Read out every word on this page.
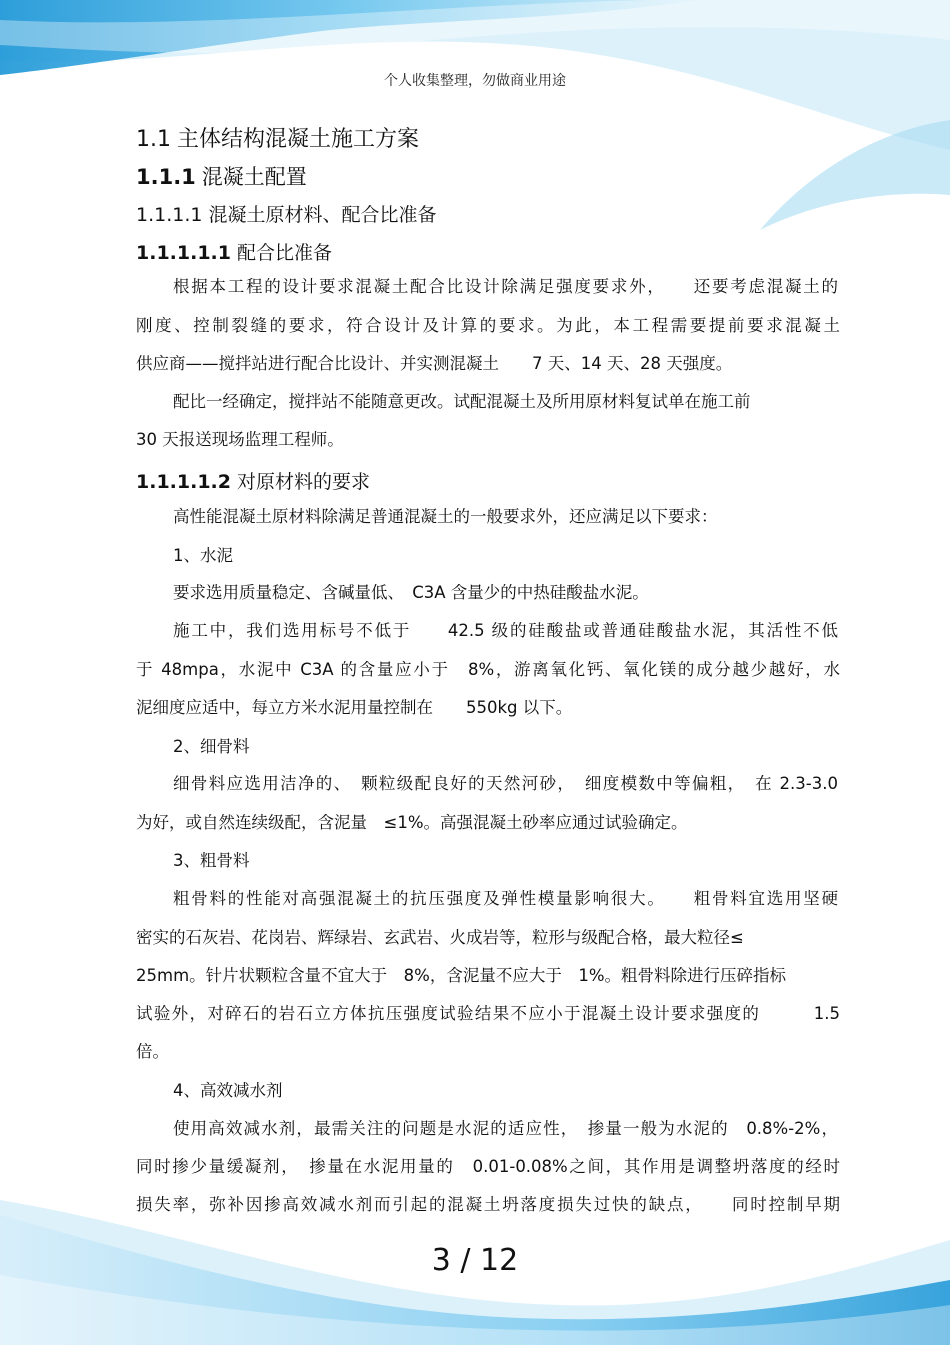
个人收集整理，勿做商业用途
1.1 主体结构混凝土施工方案
1.1.1 混凝土配置
1.1.1.1 混凝土原材料、配合比准备
1.1.1.1.1 配合比准备
根据本工程的设计要求混凝土配合比设计除满足强度要求外，　　还要考虑混凝土的
刚度、控制裂缝的要求，符合设计及计算的要求。为此，本工程需要提前要求混凝土
供应商——搅拌站进行配合比设计、并实测混凝土　　7 天、14 天、28 天强度。
配比一经确定，搅拌站不能随意更改。试配混凝土及所用原材料复试单在施工前
30 天报送现场监理工程师。
1.1.1.1.2 对原材料的要求
高性能混凝土原材料除满足普通混凝土的一般要求外，还应满足以下要求：
1、水泥
要求选用质量稳定、含碱量低、　C3A 含量少的中热硅酸盐水泥。
施工中，我们选用标号不低于　　42.5 级的硅酸盐或普通硅酸盐水泥，其活性不低
于 48mpa，水泥中 C3A 的含量应小于　8%，游离氧化钙、氧化镁的成分越少越好，水
泥细度应适中，每立方米水泥用量控制在　　550kg 以下。
2、细骨料
细骨料应选用洁净的、　颗粒级配良好的天然河砂，　细度模数中等偏粗，　在 2.3-3.0
为好，或自然连续级配，含泥量　≤1%。高强混凝土砂率应通过试验确定。
3、粗骨料
粗骨料的性能对高强混凝土的抗压强度及弹性模量影响很大。　　粗骨料宜选用坚硬
密实的石灰岩、花岗岩、辉绿岩、玄武岩、火成岩等，粒形与级配合格，最大粒径≤
25mm。针片状颗粒含量不宜大于　8%，含泥量不应大于　1%。粗骨料除进行压碎指标
试验外，对碎石的岩石立方体抗压强度试验结果不应小于混凝土设计要求强度的　　　1.5
倍。
4、高效减水剂
使用高效减水剂，最需关注的问题是水泥的适应性，　掺量一般为水泥的　0.8%-2%，
同时掺少量缓凝剂，　掺量在水泥用量的　0.01-0.08%之间，其作用是调整坍落度的经时
损失率，弥补因掺高效减水剂而引起的混凝土坍落度损失过快的缺点，　　同时控制早期
3 / 12
